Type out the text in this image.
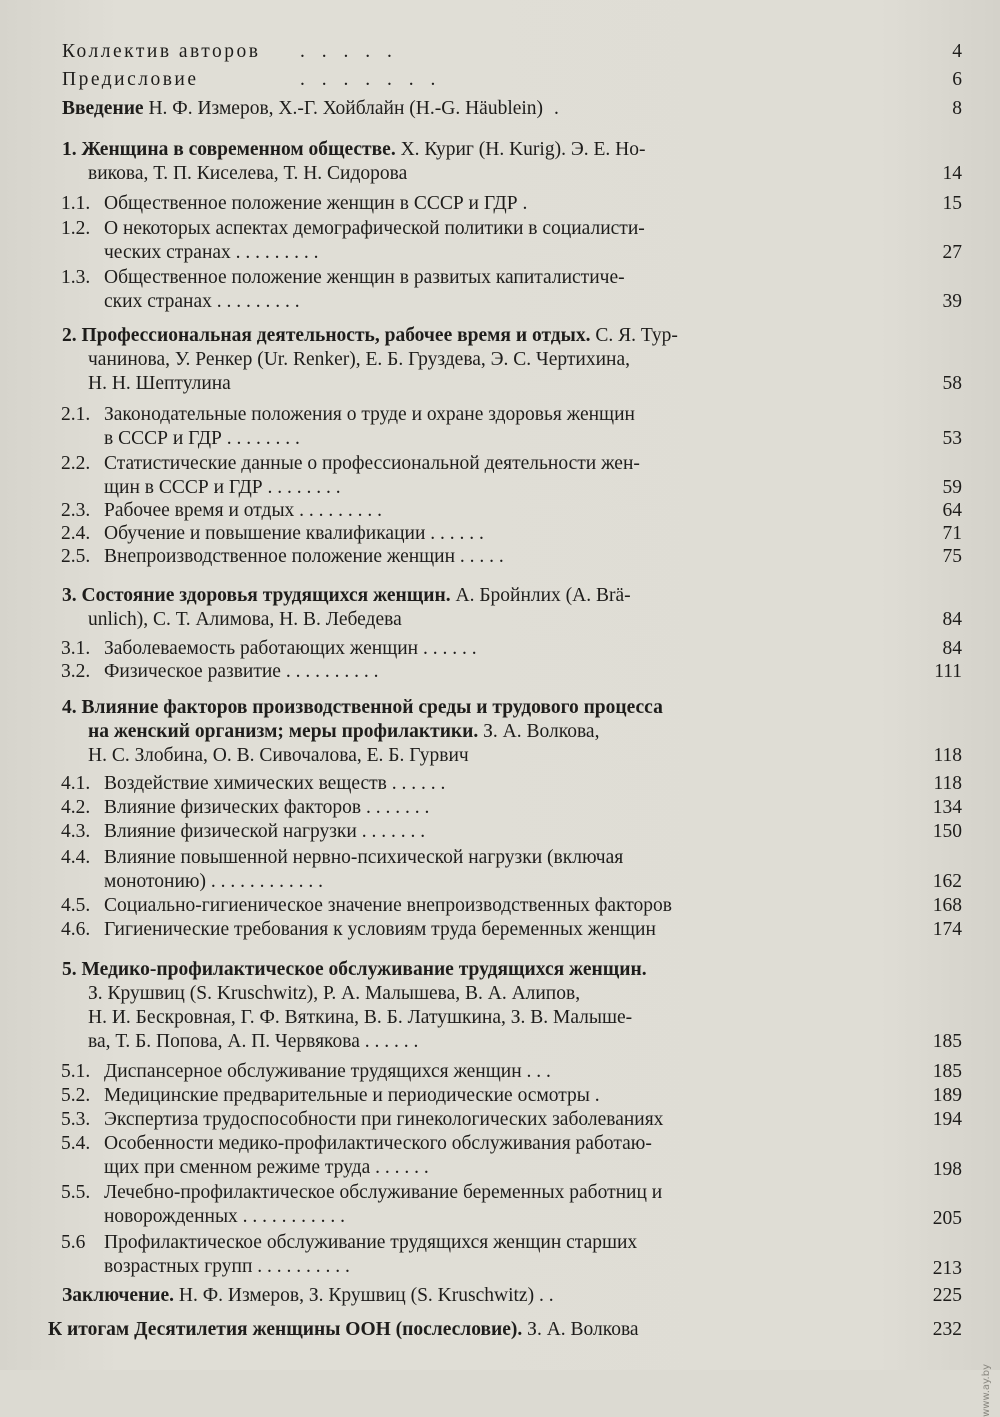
Коллектив авторов . . . . .	4
Предисловие	. . . . . . .	6
Введение Н. Ф. Измеров, Х.-Г. Хойблайн (H.-G. Häublein) .	8
1. Женщина в современном обществе. Х. Куриг (H. Kurig). Э. Е. Но-
викова, Т. П. Киселева, Т. Н. Сидорова	14
1.1. Общественное положение женщин в СССР и ГДР .	15
1.2. О некоторых аспектах демографической политики в социалисти-
ческих странах . . . . . . . . .	27
1.3. Общественное положение женщин в развитых капиталистиче-
ских странах . . . . . . . . .	39
2. Профессиональная деятельность, рабочее время и отдых. С. Я. Тур-
чанинова, У. Ренкер (Ur. Renker), Е. Б. Груздева, Э. С. Чертихина,
Н. Н. Шептулина	58
2.1. Законодательные положения о труде и охране здоровья женщин
в СССР и ГДР . . . . . . . .	53
2.2. Статистические данные о профессиональной деятельности жен-
щин в СССР и ГДР . . . . . . . .	59
2.3. Рабочее время и отдых . . . . . . . . .	64
2.4. Обучение и повышение квалификации . . . . . .	71
2.5. Внепроизводственное положение женщин . . . . .	75
3. Состояние здоровья трудящихся женщин. А. Бройнлих (A. Brä-
unlich), С. Т. Алимова, Н. В. Лебедева	84
3.1. Заболеваемость работающих женщин . . . . . .	84
3.2. Физическое развитие . . . . . . . . . .	111
4. Влияние факторов производственной среды и трудового процесса
на женский организм; меры профилактики. З. А. Волкова,
Н. С. Злобина, О. В. Сивочалова, Е. Б. Гурвич	118
4.1. Воздействие химических веществ . . . . . .	118
4.2. Влияние физических факторов . . . . . . .	134
4.3. Влияние физической нагрузки . . . . . . .	150
4.4. Влияние повышенной нервно-психической нагрузки (включая
монотонию) . . . . . . . . . . . .	162
4.5. Социально-гигиеническое значение внепроизводственных факторов	168
4.6. Гигиенические требования к условиям труда беременных женщин	174
5. Медико-профилактическое обслуживание трудящихся женщин.
З. Крушвиц (S. Kruschwitz), Р. А. Малышева, В. А. Алипов,
Н. И. Бескровная, Г. Ф. Вяткина, В. Б. Латушкина, З. В. Малыше-
ва, Т. Б. Попова, А. П. Червякова . . . . . .	185
5.1. Диспансерное обслуживание трудящихся женщин . . .	185
5.2. Медицинские предварительные и периодические осмотры .	189
5.3. Экспертиза трудоспособности при гинекологических заболеваниях	194
5.4. Особенности медико-профилактического обслуживания работаю-
щих при сменном режиме труда . . . . . .	198
5.5. Лечебно-профилактическое обслуживание беременных работниц и
новорожденных . . . . . . . . . . .	205
5.6 Профилактическое обслуживание трудящихся женщин старших
возрастных групп . . . . . . . . . .	213
Заключение. Н. Ф. Измеров, З. Крушвиц (S. Kruschwitz) . .	225
К итогам Десятилетия женщины ООН (послесловие). З. А. Волкова	232
www.ay.by
